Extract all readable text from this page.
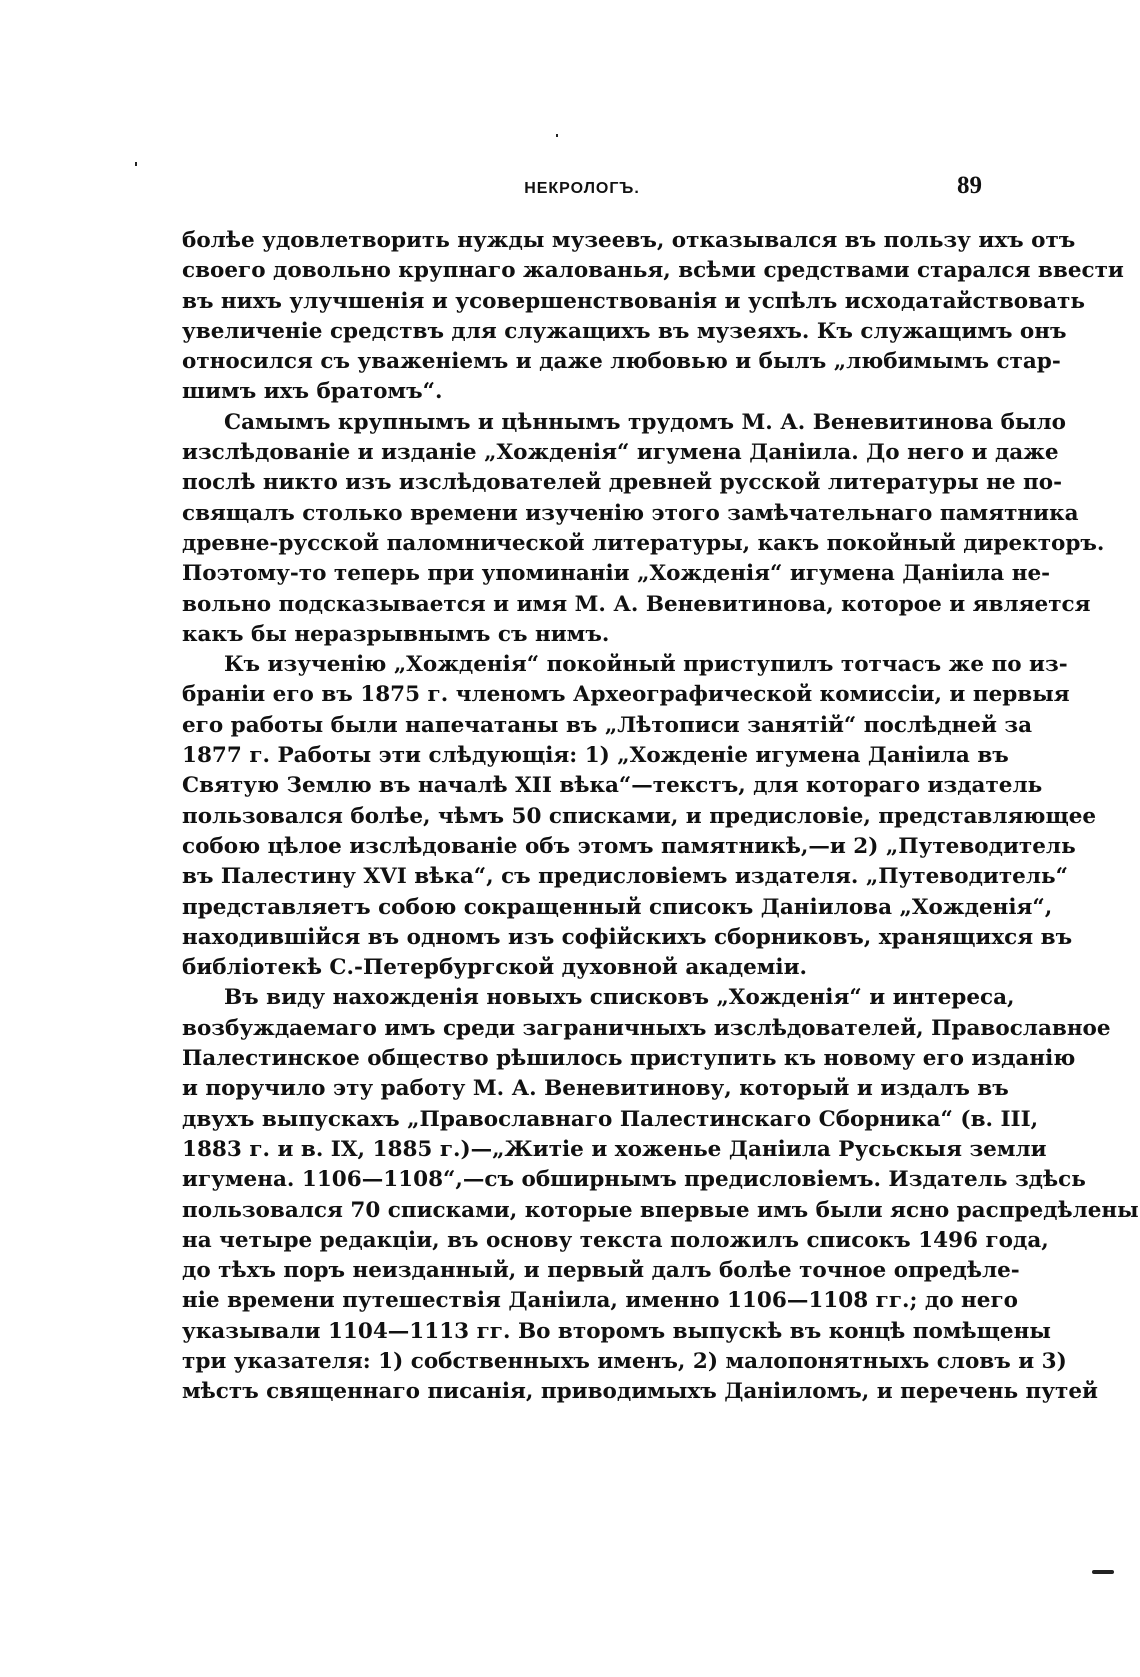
НЕКРОЛОГЪ.	89
болѣе удовлетворить нужды музеевъ, отказывался въ пользу ихъ отъ
своего довольно крупнаго жалованья, всѣми средствами старался ввести
въ нихъ улучшенія и усовершенствованія и успѣлъ исходатайствовать
увеличеніе средствъ для служащихъ въ музеяхъ. Къ служащимъ онъ
относился съ уваженіемъ и даже любовью и былъ „любимымъ стар-
шимъ ихъ братомъ“.
Самымъ крупнымъ и цѣннымъ трудомъ М. А. Веневитинова было
изслѣдованіе и изданіе „Хожденія“ игумена Даніила. До него и даже
послѣ никто изъ изслѣдователей древней русской литературы не по-
свящалъ столько времени изученію этого замѣчательнаго памятника
древне-русской паломнической литературы, какъ покойный директоръ.
Поэтому-то теперь при упоминаніи „Хожденія“ игумена Даніила не-
вольно подсказывается и имя М. А. Веневитинова, которое и является
какъ бы неразрывнымъ съ нимъ.
Къ изученію „Хожденія“ покойный приступилъ тотчасъ же по из-
браніи его въ 1875 г. членомъ Археографической комиссіи, и первыя
его работы были напечатаны въ „Лѣтописи занятій“ послѣдней за
1877 г. Работы эти слѣдующія: 1) „Хожденіе игумена Даніила въ
Святую Землю въ началѣ XII вѣка“—текстъ, для котораго издатель
пользовался болѣе, чѣмъ 50 списками, и предисловіе, представляющее
собою цѣлое изслѣдованіе объ этомъ памятникѣ,—и 2) „Путеводитель
въ Палестину XVI вѣка“, съ предисловіемъ издателя. „Путеводитель“
представляетъ собою сокращенный списокъ Даніилова „Хожденія“,
находившійся въ одномъ изъ софійскихъ сборниковъ, хранящихся въ
библіотекѣ С.-Петербургской духовной академіи.
Въ виду нахожденія новыхъ списковъ „Хожденія“ и интереса,
возбуждаемаго имъ среди заграничныхъ изслѣдователей, Православное
Палестинское общество рѣшилось приступить къ новому его изданію
и поручило эту работу М. А. Веневитинову, который и издалъ въ
двухъ выпускахъ „Православнаго Палестинскаго Сборника“ (в. III,
1883 г. и в. IX, 1885 г.)—„Житіе и хоженье Даніила Русьскыя земли
игумена. 1106—1108“,—съ обширнымъ предисловіемъ. Издатель здѣсь
пользовался 70 списками, которые впервые имъ были ясно распредѣлены
на четыре редакціи, въ основу текста положилъ списокъ 1496 года,
до тѣхъ поръ неизданный, и первый далъ болѣе точное опредѣле-
ніе времени путешествія Даніила, именно 1106—1108 гг.; до него
указывали 1104—1113 гг. Во второмъ выпускѣ въ концѣ помѣщены
три указателя: 1) собственныхъ именъ, 2) малопонятныхъ словъ и 3)
мѣстъ священнаго писанія, приводимыхъ Даніиломъ, и перечень путей
